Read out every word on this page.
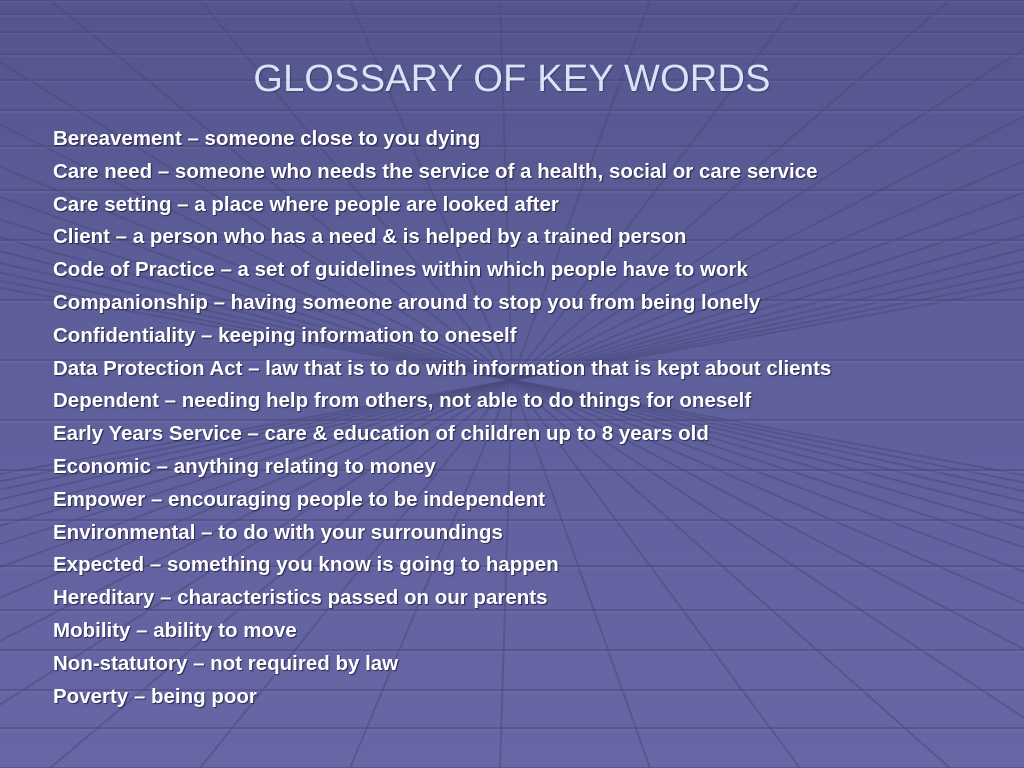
GLOSSARY OF KEY WORDS
Bereavement – someone close to you dying
Care need – someone who needs the service of a health, social or care service
Care setting – a place where people are looked after
Client – a person who has a need & is helped by a trained person
Code of Practice – a set of guidelines within which people have to work
Companionship – having someone around to stop you from being lonely
Confidentiality – keeping information to oneself
Data Protection Act – law that is to do with information that is kept about clients
Dependent – needing help from others, not able to do things for oneself
Early Years Service – care & education of children up to 8 years old
Economic – anything relating to money
Empower – encouraging people to be independent
Environmental – to do with your surroundings
Expected – something you know is going to happen
Hereditary – characteristics passed on our parents
Mobility – ability to move
Non-statutory – not required by law
Poverty – being poor
